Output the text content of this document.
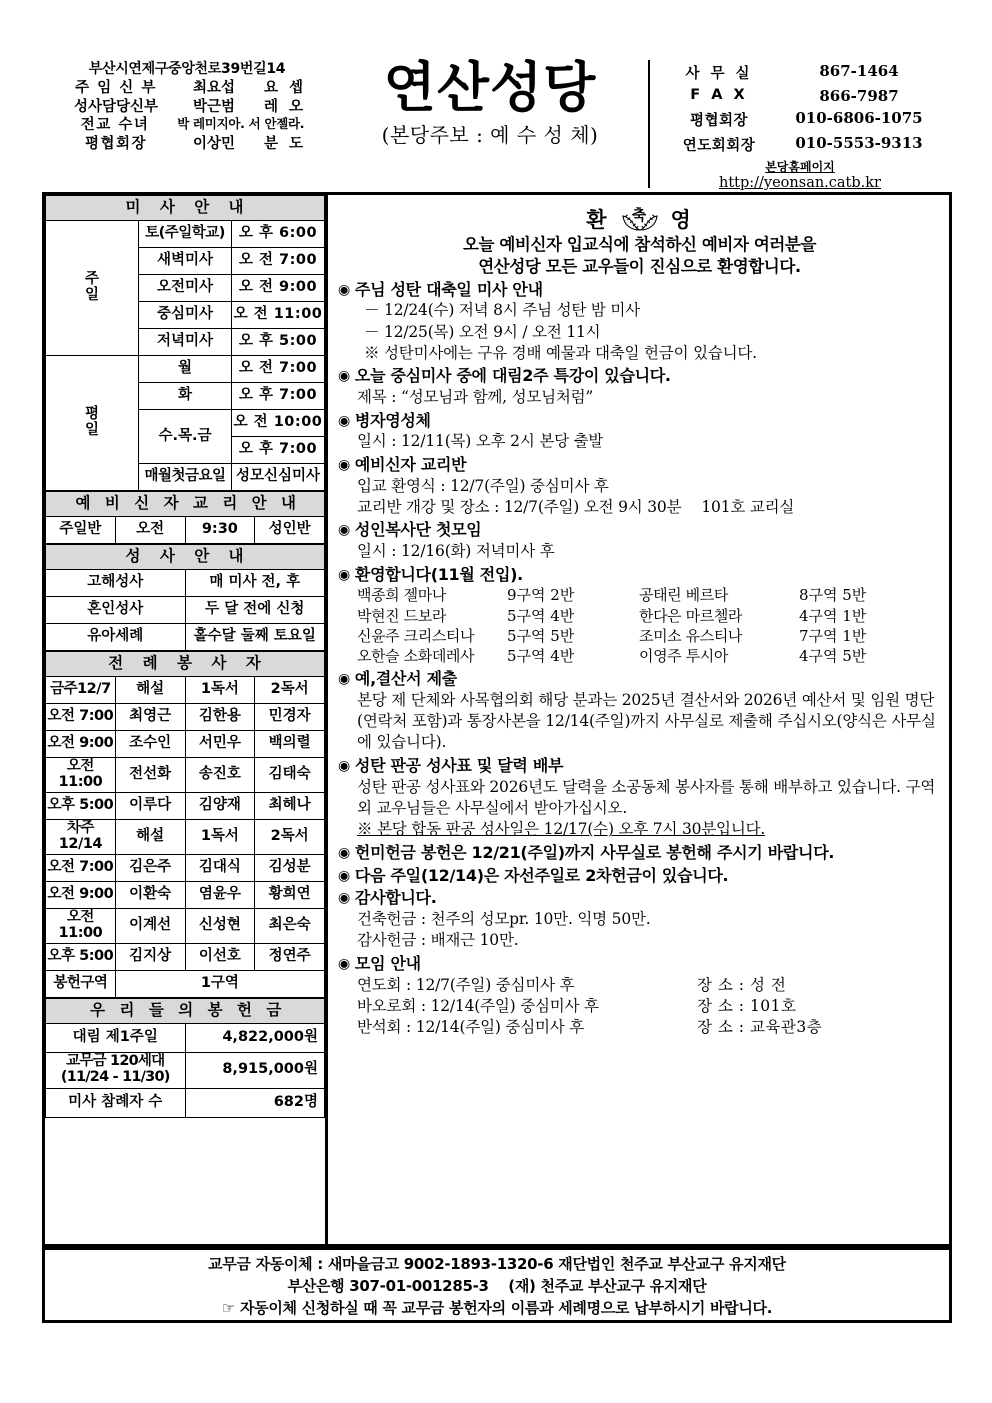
부산시연제구중앙천로39번길14
주 임 신 부	최요섭	요 셉
성사담당신부	박근범	레 오
전교 수녀	박 레미지아. 서 안젤라.
평협회장	이상민	분 도
연산성당
(본당주보 : 예 수 성 체)
사 무 실	867-1464
F A X	866-7987
평협회장	010-6806-1075
연도회회장	010-5553-9313
본당홈페이지
http://yeonsan.catb.kr
미 사 안 내		
주
일	토(주일학교)	오 후 6:00
	새벽미사	오 전 7:00
	오전미사	오 전 9:00
	중심미사	오 전 11:00
	저녁미사	오 후 5:00
평
일	월	오 전 7:00
	화	오 후 7:00
	수.목.금	오 전 10:00
		오 후 7:00
	매월첫금요일	성모신심미사
예 비 신 자 교 리 안 내
주일반	오전	9:30	성인반
성 사 안 내	
고해성사	매 미사 전, 후
혼인성사	두 달 전에 신청
유아세례	홀수달 둘째 토요일
전 례 봉 사 자			
금주12/7	해설	1독서	2독서
오전 7:00	최영근	김한용	민경자
오전 9:00	조수인	서민우	백의렬
오전11:00	전선화	송진호	김태숙
오후 5:00	이루다	김양재	최헤나
차주12/14	해설	1독서	2독서
오전 7:00	김은주	김대식	김성분
오전 9:00	이환숙	염윤우	황희연
오전11:00	이계선	신성현	최은숙
오후 5:00	김지상	이선호	정연주
봉헌구역	1구역		
우 리 들 의 봉 헌 금	
대림 제1주일	4,822,000원
교무금 120세대
(11/24 - 11/30)	8,915,000원
미사 참례자 수	682명
환 축 영
오늘 예비신자 입교식에 참석하신 예비자 여러분을
연산성당 모든 교우들이 진심으로 환영합니다.
◉ 주님 성탄 대축일 미사 안내
－ 12/24(수) 저녁 8시 주님 성탄 밤 미사
－ 12/25(목) 오전 9시 / 오전 11시
※ 성탄미사에는 구유 경배 예물과 대축일 헌금이 있습니다.
◉ 오늘 중심미사 중에 대림2주 특강이 있습니다.
제목 : “성모님과 함께, 성모님처럼”
◉ 병자영성체
일시 : 12/11(목) 오후 2시 본당 출발
◉ 예비신자 교리반
입교 환영식 : 12/7(주일) 중심미사 후
교리반 개강 및 장소 : 12/7(주일) 오전 9시 30분　 101호 교리실
◉ 성인복사단 첫모임
일시 : 12/16(화) 저녁미사 후
◉ 환영합니다(11월 전입).
백종희 젤마나	9구역 2반	공태린 베르타	8구역 5반
박현진 드보라	5구역 4반	한다은 마르첼라	4구역 1반
신윤주 크리스티나	5구역 5반	조미소 유스티나	7구역 1반
오한슬 소화데레사	5구역 4반	이영주 투시아	4구역 5반
◉ 예,결산서 제출
본당 제 단체와 사목협의회 해당 분과는 2025년 결산서와 2026년 예산서 및 임원 명단(연락처 포함)과 통장사본을 12/14(주일)까지 사무실로 제출해 주십시오(양식은 사무실에 있습니다).
◉ 성탄 판공 성사표 및 달력 배부
성탄 판공 성사표와 2026년도 달력을 소공동체 봉사자를 통해 배부하고 있습니다. 구역외 교우님들은 사무실에서 받아가십시오.
※ 본당 합동 판공 성사일은 12/17(수) 오후 7시 30분입니다.
◉ 헌미헌금 봉헌은 12/21(주일)까지 사무실로 봉헌해 주시기 바랍니다.
◉ 다음 주일(12/14)은 자선주일로 2차헌금이 있습니다.
◉ 감사합니다.
건축헌금 : 천주의 성모pr. 10만. 익명 50만.
감사헌금 : 배재근 10만.
◉ 모임 안내
연도회 : 12/7(주일) 중심미사 후	장 소 : 성 전
바오로회 : 12/14(주일) 중심미사 후	장 소 : 101호
반석회 : 12/14(주일) 중심미사 후	장 소 : 교육관3층
교무금 자동이체 : 새마을금고 9002-1893-1320-6 재단법인 천주교 부산교구 유지재단
부산은행 307-01-001285-3 　(재) 천주교 부산교구 유지재단
☞ 자동이체 신청하실 때 꼭 교무금 봉헌자의 이름과 세례명으로 납부하시기 바랍니다.
